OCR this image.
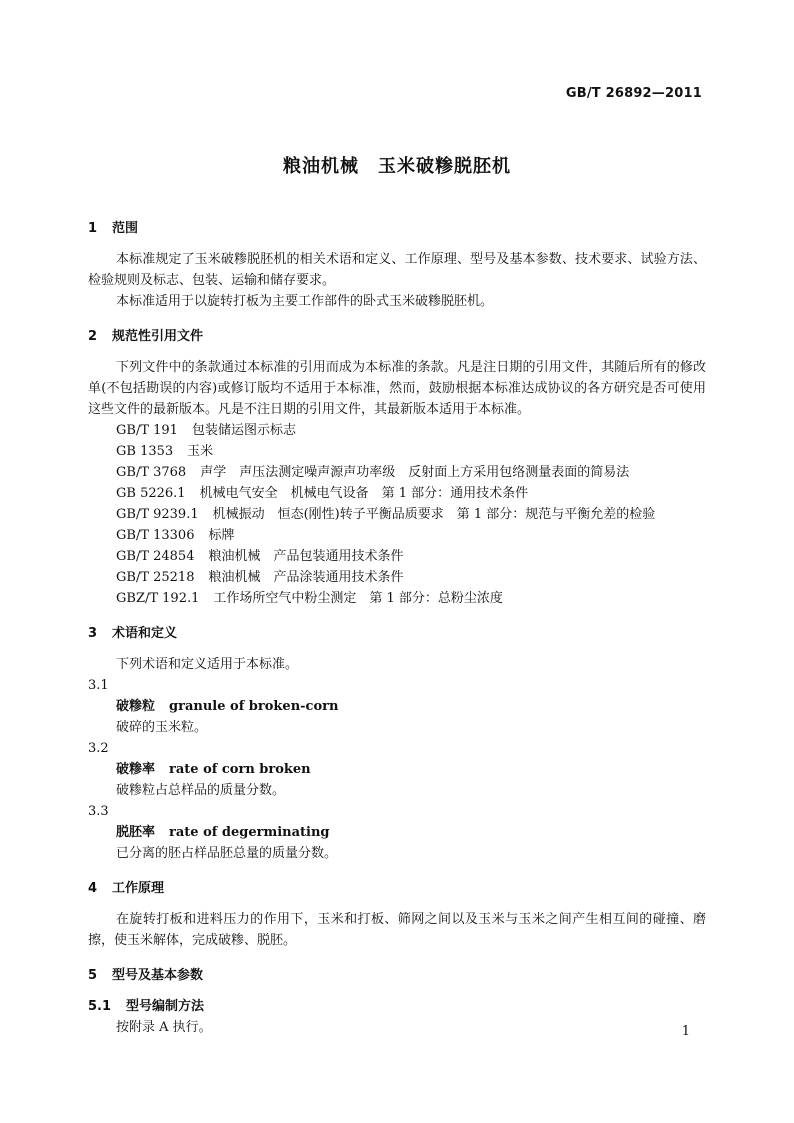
GB/T 26892—2011
粮油机械　玉米破糁脱胚机
1	范围

本标准规定了玉米破糁脱胚机的相关术语和定义、工作原理、型号及基本参数、技术要求、试验方法、检验规则及标志、包装、运输和储存要求。

本标准适用于以旋转打板为主要工作部件的卧式玉米破糁脱胚机。

2	规范性引用文件

下列文件中的条款通过本标准的引用而成为本标准的条款。凡是注日期的引用文件，其随后所有的修改单(不包括勘误的内容)或修订版均不适用于本标准，然而，鼓励根据本标准达成协议的各方研究是否可使用这些文件的最新版本。凡是不注日期的引用文件，其最新版本适用于本标准。

GB/T 191 包装储运图示标志

GB 1353 玉米

GB/T 3768 声学　声压法测定噪声源声功率级　反射面上方采用包络测量表面的简易法

GB 5226.1 机械电气安全　机械电气设备　第 1 部分：通用技术条件

GB/T 9239.1 机械振动　恒态(刚性)转子平衡品质要求　第 1 部分：规范与平衡允差的检验

GB/T 13306 标牌

GB/T 24854 粮油机械　产品包装通用技术条件

GB/T 25218 粮油机械　产品涂装通用技术条件

GBZ/T 192.1 工作场所空气中粉尘测定　第 1 部分：总粉尘浓度

3	术语和定义

下列术语和定义适用于本标准。

3.1

破糁粒 granule of broken-corn

破碎的玉米粒。

3.2

破糁率 rate of corn broken

破糁粒占总样品的质量分数。

3.3

脱胚率 rate of degerminating

已分离的胚占样品胚总量的质量分数。

4	工作原理

在旋转打板和进料压力的作用下，玉米和打板、筛网之间以及玉米与玉米之间产生相互间的碰撞、磨擦，使玉米解体，完成破糁、脱胚。

5	型号及基本参数
5.1	型号编制方法

按附录 A 执行。	1
